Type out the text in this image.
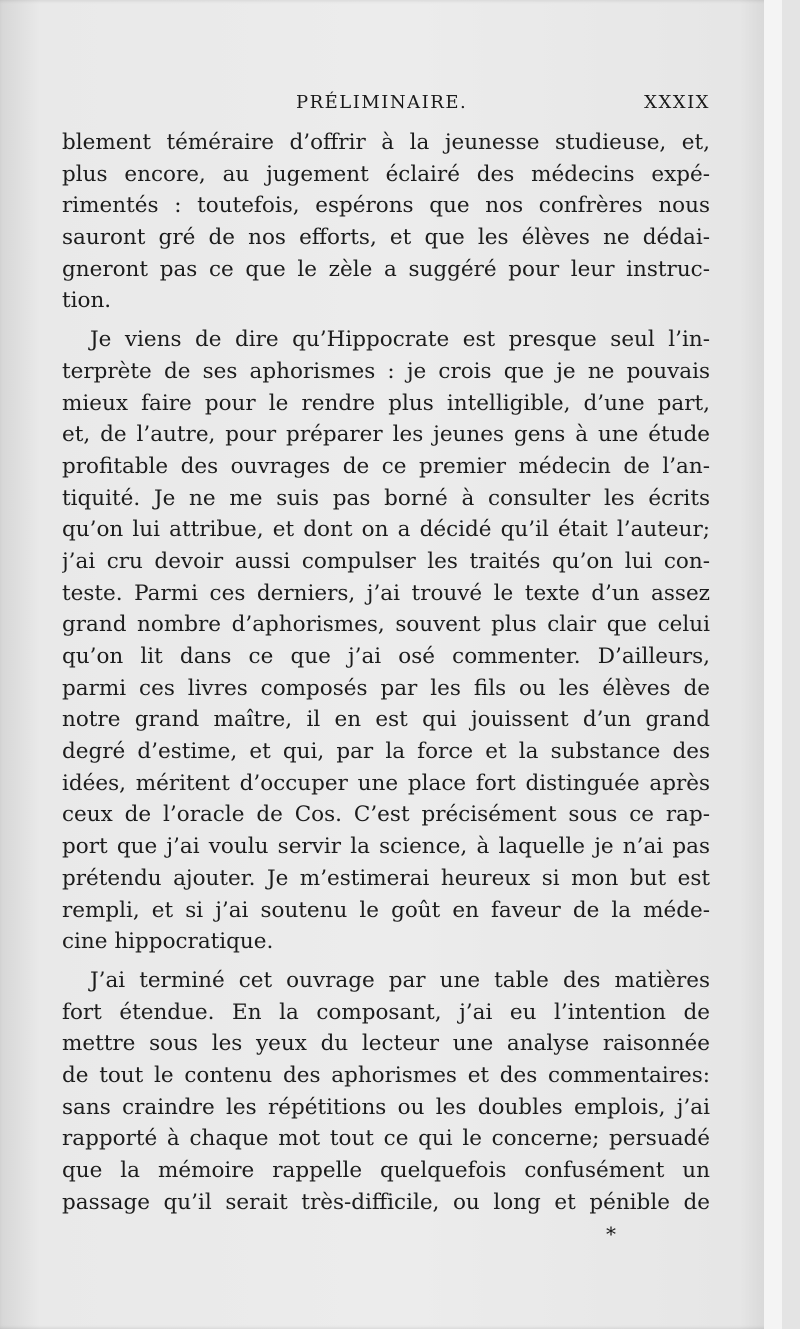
PRÉLIMINAIRE.	XXXIX

blement téméraire d’offrir à la jeunesse studieuse, et,
plus encore, au jugement éclairé des médecins expé-
rimentés : toutefois, espérons que nos confrères nous
sauront gré de nos efforts, et que les élèves ne dédai-
gneront pas ce que le zèle a suggéré pour leur instruc-
tion.

Je viens de dire qu’Hippocrate est presque seul l’in-
terprète de ses aphorismes : je crois que je ne pouvais
mieux faire pour le rendre plus intelligible, d’une part,
et, de l’autre, pour préparer les jeunes gens à une étude
profitable des ouvrages de ce premier médecin de l’an-
tiquité. Je ne me suis pas borné à consulter les écrits
qu’on lui attribue, et dont on a décidé qu’il était l’auteur;
j’ai cru devoir aussi compulser les traités qu’on lui con-
teste. Parmi ces derniers, j’ai trouvé le texte d’un assez
grand nombre d’aphorismes, souvent plus clair que celui
qu’on lit dans ce que j’ai osé commenter. D’ailleurs,
parmi ces livres composés par les fils ou les élèves de
notre grand maître, il en est qui jouissent d’un grand
degré d’estime, et qui, par la force et la substance des
idées, méritent d’occuper une place fort distinguée après
ceux de l’oracle de Cos. C’est précisément sous ce rap-
port que j’ai voulu servir la science, à laquelle je n’ai pas
prétendu ajouter. Je m’estimerai heureux si mon but est
rempli, et si j’ai soutenu le goût en faveur de la méde-
cine hippocratique.

J’ai terminé cet ouvrage par une table des matières
fort étendue. En la composant, j’ai eu l’intention de
mettre sous les yeux du lecteur une analyse raisonnée
de tout le contenu des aphorismes et des commentaires:
sans craindre les répétitions ou les doubles emplois, j’ai
rapporté à chaque mot tout ce qui le concerne; persuadé
que la mémoire rappelle quelquefois confusément un
passage qu’il serait très-difficile, ou long et pénible de

*
